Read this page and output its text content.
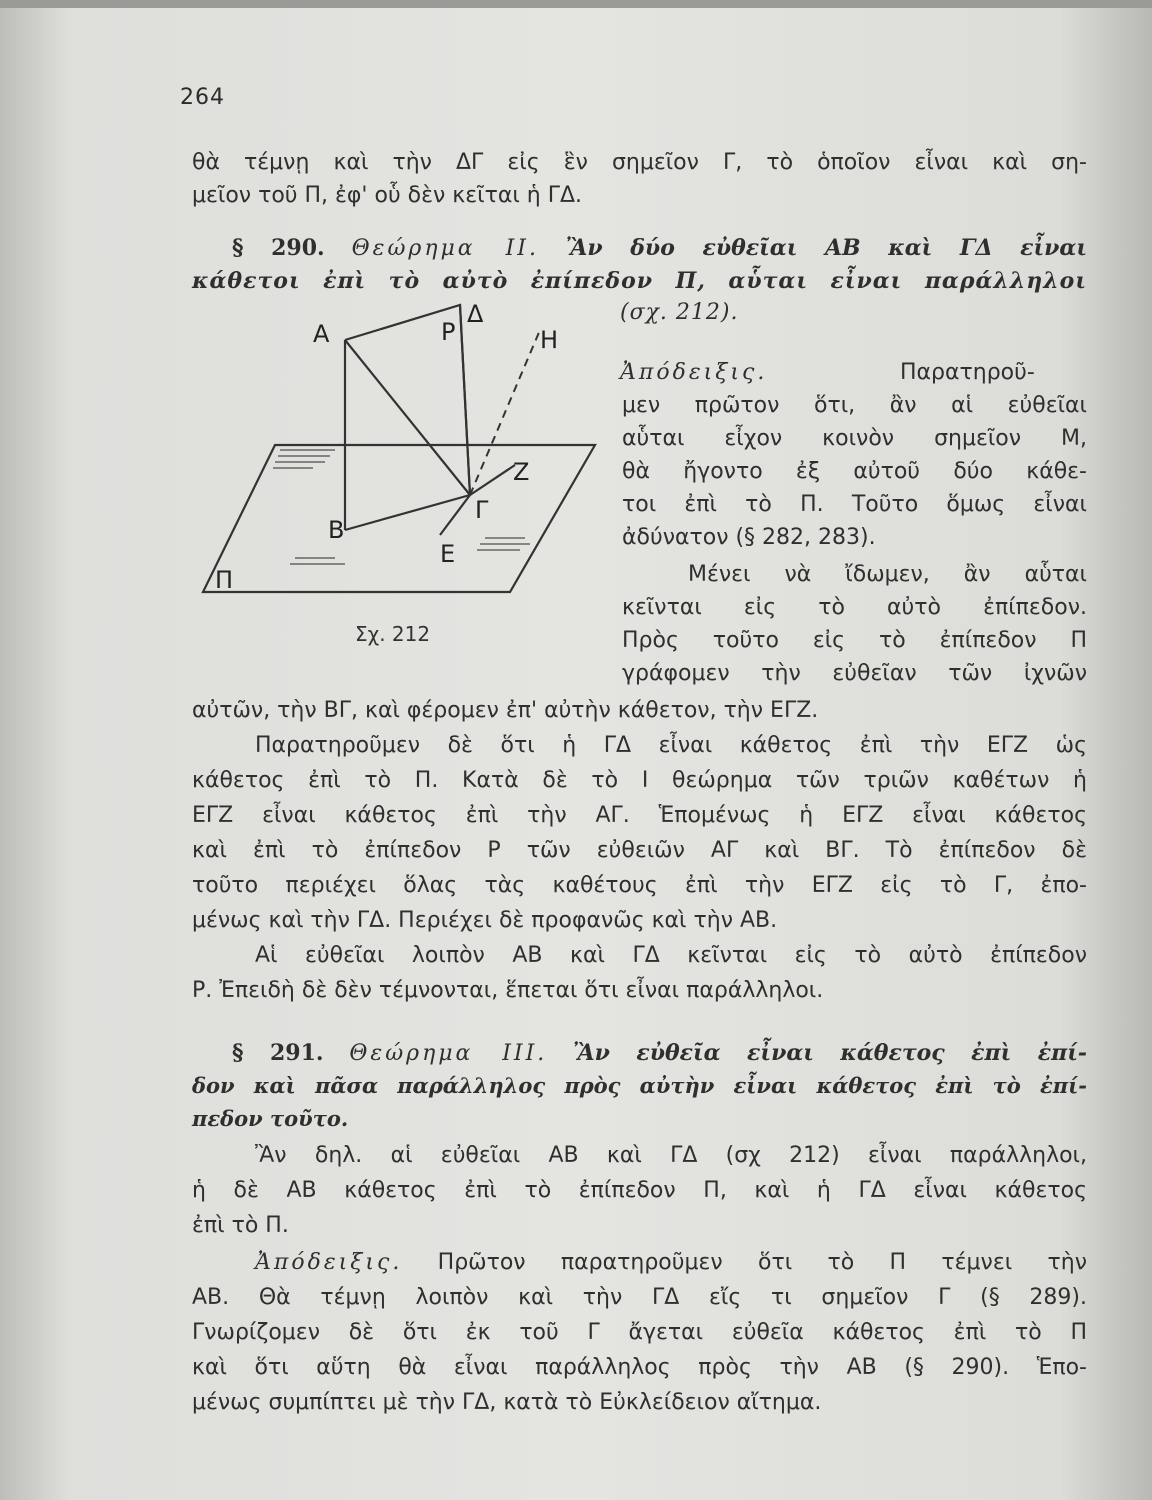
264
θὰ τέμνῃ καὶ τὴν ΔΓ εἰς ἓν σημεῖον Γ, τὸ ὁποῖον εἶναι καὶ ση-
μεῖον τοῦ Π, ἐφ' οὗ δὲν κεῖται ἡ ΓΔ.
§ 290. Θεώρημα II. Ἂν δύο εὐθεῖαι ΑΒ καὶ ΓΔ εἶναι
κάθετοι ἐπὶ τὸ αὐτὸ ἐπίπεδον Π, αὗται εἶναι παράλληλοι
(σχ. 212).
Α	Ρ
Δ
Η
Ζ
Γ
Β
Ε
Π
Σχ. 212
Ἀπόδειξις.	Παρατηροῦ-
μεν πρῶτον ὅτι, ἂν αἱ εὐθεῖαι
αὗται εἶχον κοινὸν σημεῖον Μ,
θὰ ἤγοντο ἐξ αὐτοῦ δύο κάθε-
τοι ἐπὶ τὸ Π. Τοῦτο ὅμως εἶναι
ἀδύνατον (§ 282, 283).
Μένει νὰ ἴδωμεν, ἂν αὗται
κεῖνται εἰς τὸ αὐτὸ ἐπίπεδον.
Πρὸς τοῦτο εἰς τὸ ἐπίπεδον Π
γράφομεν τὴν εὐθεῖαν τῶν ἰχνῶν
αὐτῶν, τὴν ΒΓ, καὶ φέρομεν ἐπ' αὐτὴν κάθετον, τὴν ΕΓΖ.
Παρατηροῦμεν δὲ ὅτι ἡ ΓΔ εἶναι κάθετος ἐπὶ τὴν ΕΓΖ ὡς
κάθετος ἐπὶ τὸ Π. Κατὰ δὲ τὸ Ι θεώρημα τῶν τριῶν καθέτων ἡ
ΕΓΖ εἶναι κάθετος ἐπὶ τὴν ΑΓ. Ἑπομένως ἡ ΕΓΖ εἶναι κάθετος
καὶ ἐπὶ τὸ ἐπίπεδον Ρ τῶν εὐθειῶν ΑΓ καὶ ΒΓ. Τὸ ἐπίπεδον δὲ
τοῦτο περιέχει ὅλας τὰς καθέτους ἐπὶ τὴν ΕΓΖ εἰς τὸ Γ, ἐπο-
μένως καὶ τὴν ΓΔ. Περιέχει δὲ προφανῶς καὶ τὴν ΑΒ.
Αἱ εὐθεῖαι λοιπὸν ΑΒ καὶ ΓΔ κεῖνται εἰς τὸ αὐτὸ ἐπίπεδον
Ρ. Ἐπειδὴ δὲ δὲν τέμνονται, ἕπεται ὅτι εἶναι παράλληλοι.
§ 291. Θεώρημα III. Ἂν εὐθεῖα εἶναι κάθετος ἐπὶ ἐπί-
δον καὶ πᾶσα παράλληλος πρὸς αὐτὴν εἶναι κάθετος ἐπὶ τὸ ἐπί-
πεδον τοῦτο.
Ἂν δηλ. αἱ εὐθεῖαι ΑΒ καὶ ΓΔ (σχ 212) εἶναι παράλληλοι,
ἡ δὲ ΑΒ κάθετος ἐπὶ τὸ ἐπίπεδον Π, καὶ ἡ ΓΔ εἶναι κάθετος
ἐπὶ τὸ Π.
Ἀπόδειξις. Πρῶτον παρατηροῦμεν ὅτι τὸ Π τέμνει τὴν
ΑΒ. Θὰ τέμνῃ λοιπὸν καὶ τὴν ΓΔ εἴς τι σημεῖον Γ (§ 289).
Γνωρίζομεν δὲ ὅτι ἐκ τοῦ Γ ἄγεται εὐθεῖα κάθετος ἐπὶ τὸ Π
καὶ ὅτι αὕτη θὰ εἶναι παράλληλος πρὸς τὴν ΑΒ (§ 290). Ἑπο-
μένως συμπίπτει μὲ τὴν ΓΔ, κατὰ τὸ Εὐκλείδειον αἴτημα.
